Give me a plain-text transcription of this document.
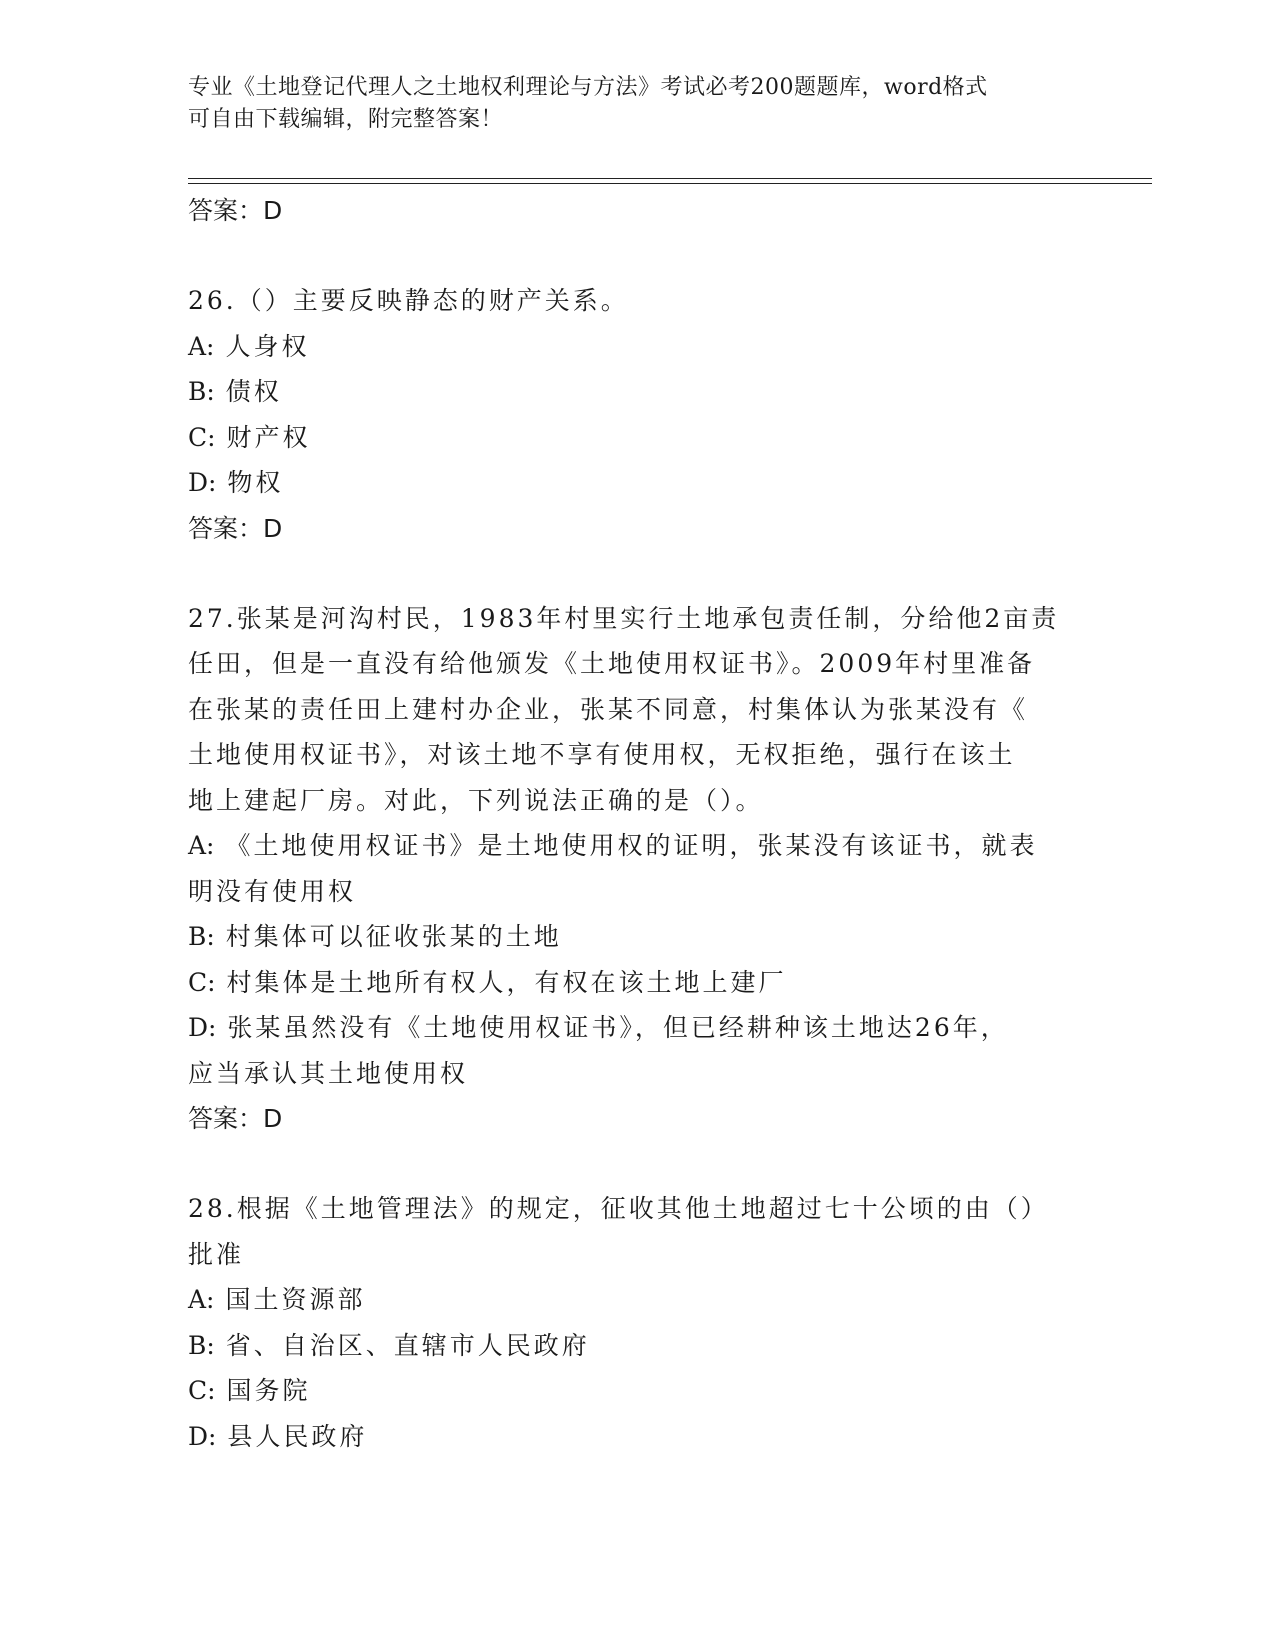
专业《土地登记代理人之土地权利理论与方法》考试必考200题题库，word格式
可自由下载编辑，附完整答案！

答案：D

26.（）主要反映静态的财产关系。

A: 人身权

B: 债权

C: 财产权

D: 物权

答案：D

27.张某是河沟村民，1983年村里实行土地承包责任制，分给他2亩责

任田，但是一直没有给他颁发《土地使用权证书》。2009年村里准备

在张某的责任田上建村办企业，张某不同意，村集体认为张某没有《

土地使用权证书》，对该土地不享有使用权，无权拒绝，强行在该土

地上建起厂房。对此，下列说法正确的是（）。

A: 《土地使用权证书》是土地使用权的证明，张某没有该证书，就表

明没有使用权

B: 村集体可以征收张某的土地

C: 村集体是土地所有权人，有权在该土地上建厂

D: 张某虽然没有《土地使用权证书》，但已经耕种该土地达26年，

应当承认其土地使用权

答案：D

28.根据《土地管理法》的规定，征收其他土地超过七十公顷的由（）

批准

A: 国土资源部

B: 省、自治区、直辖市人民政府

C: 国务院

D: 县人民政府
